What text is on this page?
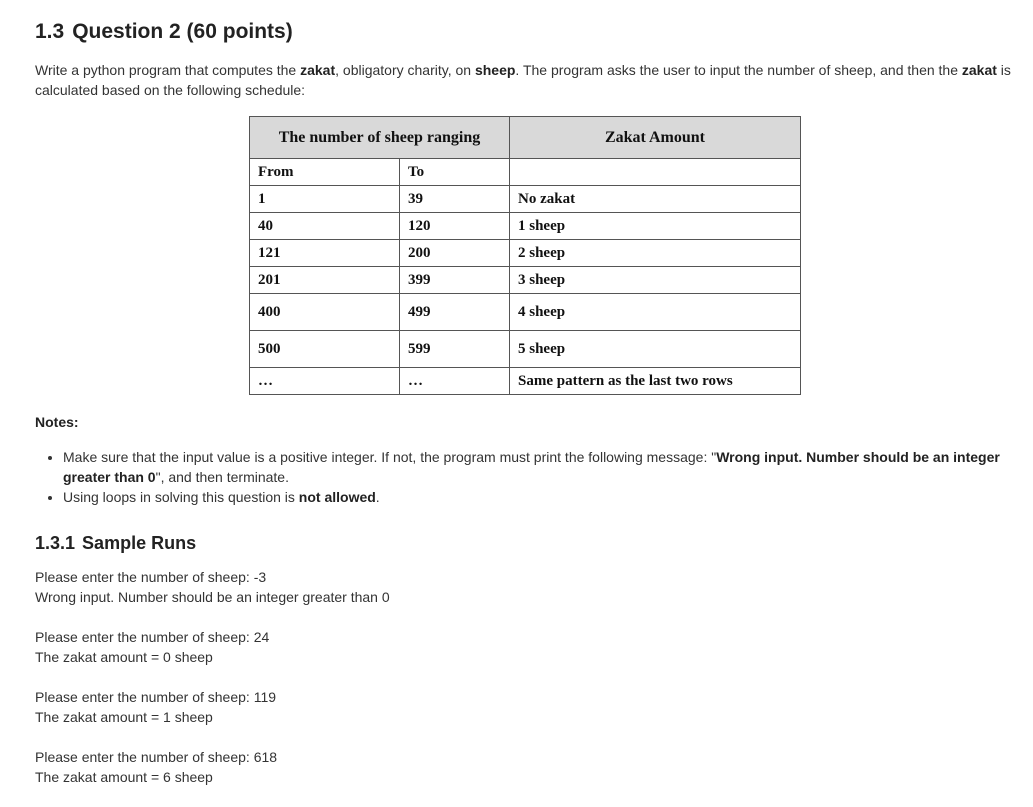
1.3 Question 2 (60 points)

Write a python program that computes the zakat, obligatory charity, on sheep. The program asks the user to input the number of sheep, and then the zakat is calculated based on the following schedule:

The number of sheep ranging		Zakat Amount
From	To	
1	39	No zakat
40	120	1 sheep
121	200	2 sheep
201	399	3 sheep
400	499	4 sheep
500	599	5 sheep
…	…	Same pattern as the last two rows

Notes:

• Make sure that the input value is a positive integer. If not, the program must print the following message: "Wrong input. Number should be an integer greater than 0", and then terminate.
• Using loops in solving this question is not allowed.
1.3.1 Sample Runs
Please enter the number of sheep: -3
Wrong input. Number should be an integer greater than 0
Please enter the number of sheep: 24
The zakat amount = 0 sheep
Please enter the number of sheep: 119
The zakat amount = 1 sheep
Please enter the number of sheep: 618
The zakat amount = 6 sheep
